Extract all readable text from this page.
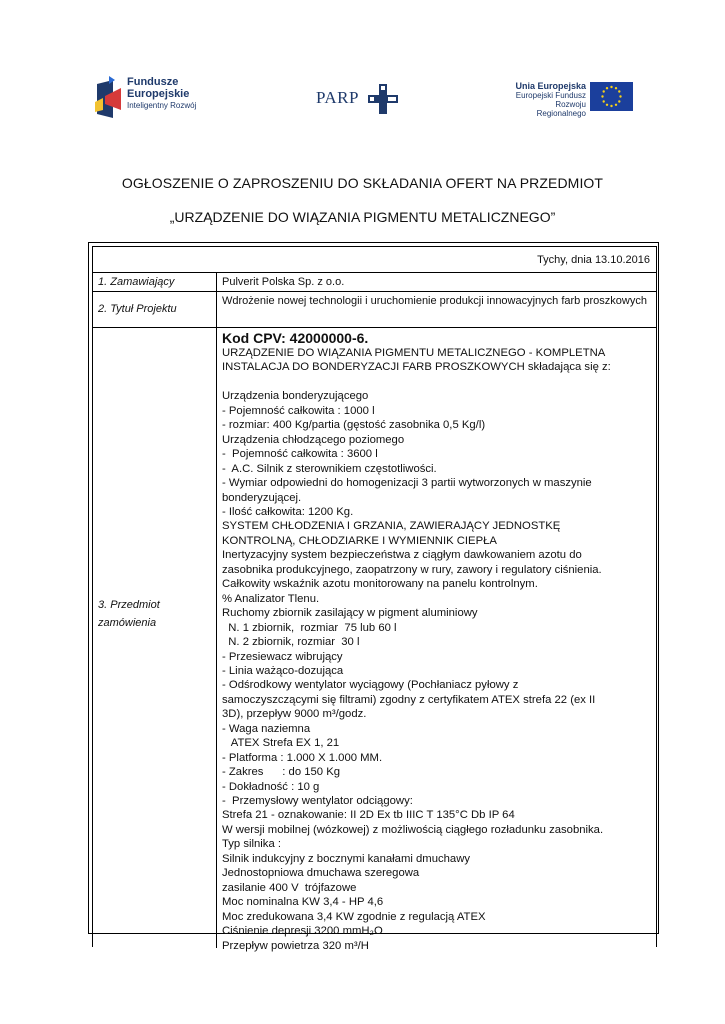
Fundusze
Europejskie
Inteligentny Rozwój	PARP
Unia Europejska
Europejski Fundusz
Rozwoju Regionalnego
OGŁOSZENIE O ZAPROSZENIU DO SKŁADANIA OFERT NA PRZEDMIOT
„URZĄDZENIE DO WIĄZANIA PIGMENTU METALICZNEGO”
Tychy, dnia 13.10.2016
1. Zamawiający	Pulverit Polska Sp. z o.o.
2. Tytuł Projektu
Wdrożenie nowej technologii i uruchomienie produkcji innowacyjnych farb proszkowych
3. Przedmiot
zamówienia
Kod CPV: 42000000-6.
URZĄDZENIE DO WIĄZANIA PIGMENTU METALICZNEGO - KOMPLETNA
INSTALACJA DO BONDERYZACJI FARB PROSZKOWYCH składająca się z:
Urządzenia bonderyzującego
- Pojemność całkowita : 1000 l
- rozmiar: 400 Kg/partia (gęstość zasobnika 0,5 Kg/l)
Urządzenia chłodzącego poziomego
-  Pojemność całkowita : 3600 l
-  A.C. Silnik z sterownikiem częstotliwości.
- Wymiar odpowiedni do homogenizacji 3 partii wytworzonych w maszynie
bonderyzującej.
- Ilość całkowita: 1200 Kg.
SYSTEM CHŁODZENIA I GRZANIA, ZAWIERAJĄCY JEDNOSTKĘ
KONTROLNĄ, CHŁODZIARKE I WYMIENNIK CIEPŁA
Inertyzacyjny system bezpieczeństwa z ciągłym dawkowaniem azotu do
zasobnika produkcyjnego, zaopatrzony w rury, zawory i regulatory ciśnienia.
Całkowity wskaźnik azotu monitorowany na panelu kontrolnym.
% Analizator Tlenu.
Ruchomy zbiornik zasilający w pigment aluminiowy
N. 1 zbiornik,  rozmiar  75 lub 60 l
N. 2 zbiornik, rozmiar  30 l
- Przesiewacz wibrujący
- Linia ważąco-dozująca
- Odśrodkowy wentylator wyciągowy (Pochłaniacz pyłowy z
samoczyszczącymi się filtrami) zgodny z certyfikatem ATEX strefa 22 (ex II
3D), przepływ 9000 m³/godz.
- Waga naziemna
ATEX Strefa EX 1, 21
- Platforma : 1.000 X 1.000 MM.
- Zakres      : do 150 Kg
- Dokładność : 10 g
-  Przemysłowy wentylator odciągowy:
Strefa 21 - oznakowanie: II 2D Ex tb IIIC T 135°C Db IP 64
W wersji mobilnej (wózkowej) z możliwością ciągłego rozładunku zasobnika.
Typ silnika :
Silnik indukcyjny z bocznymi kanałami dmuchawy
Jednostopniowa dmuchawa szeregowa
zasilanie 400 V  trójfazowe
Moc nominalna KW 3,4 - HP 4,6
Moc zredukowana 3,4 KW zgodnie z regulacją ATEX
Ciśnienie depresji 3200 mmH₂O
Przepływ powietrza 320 m³/H
